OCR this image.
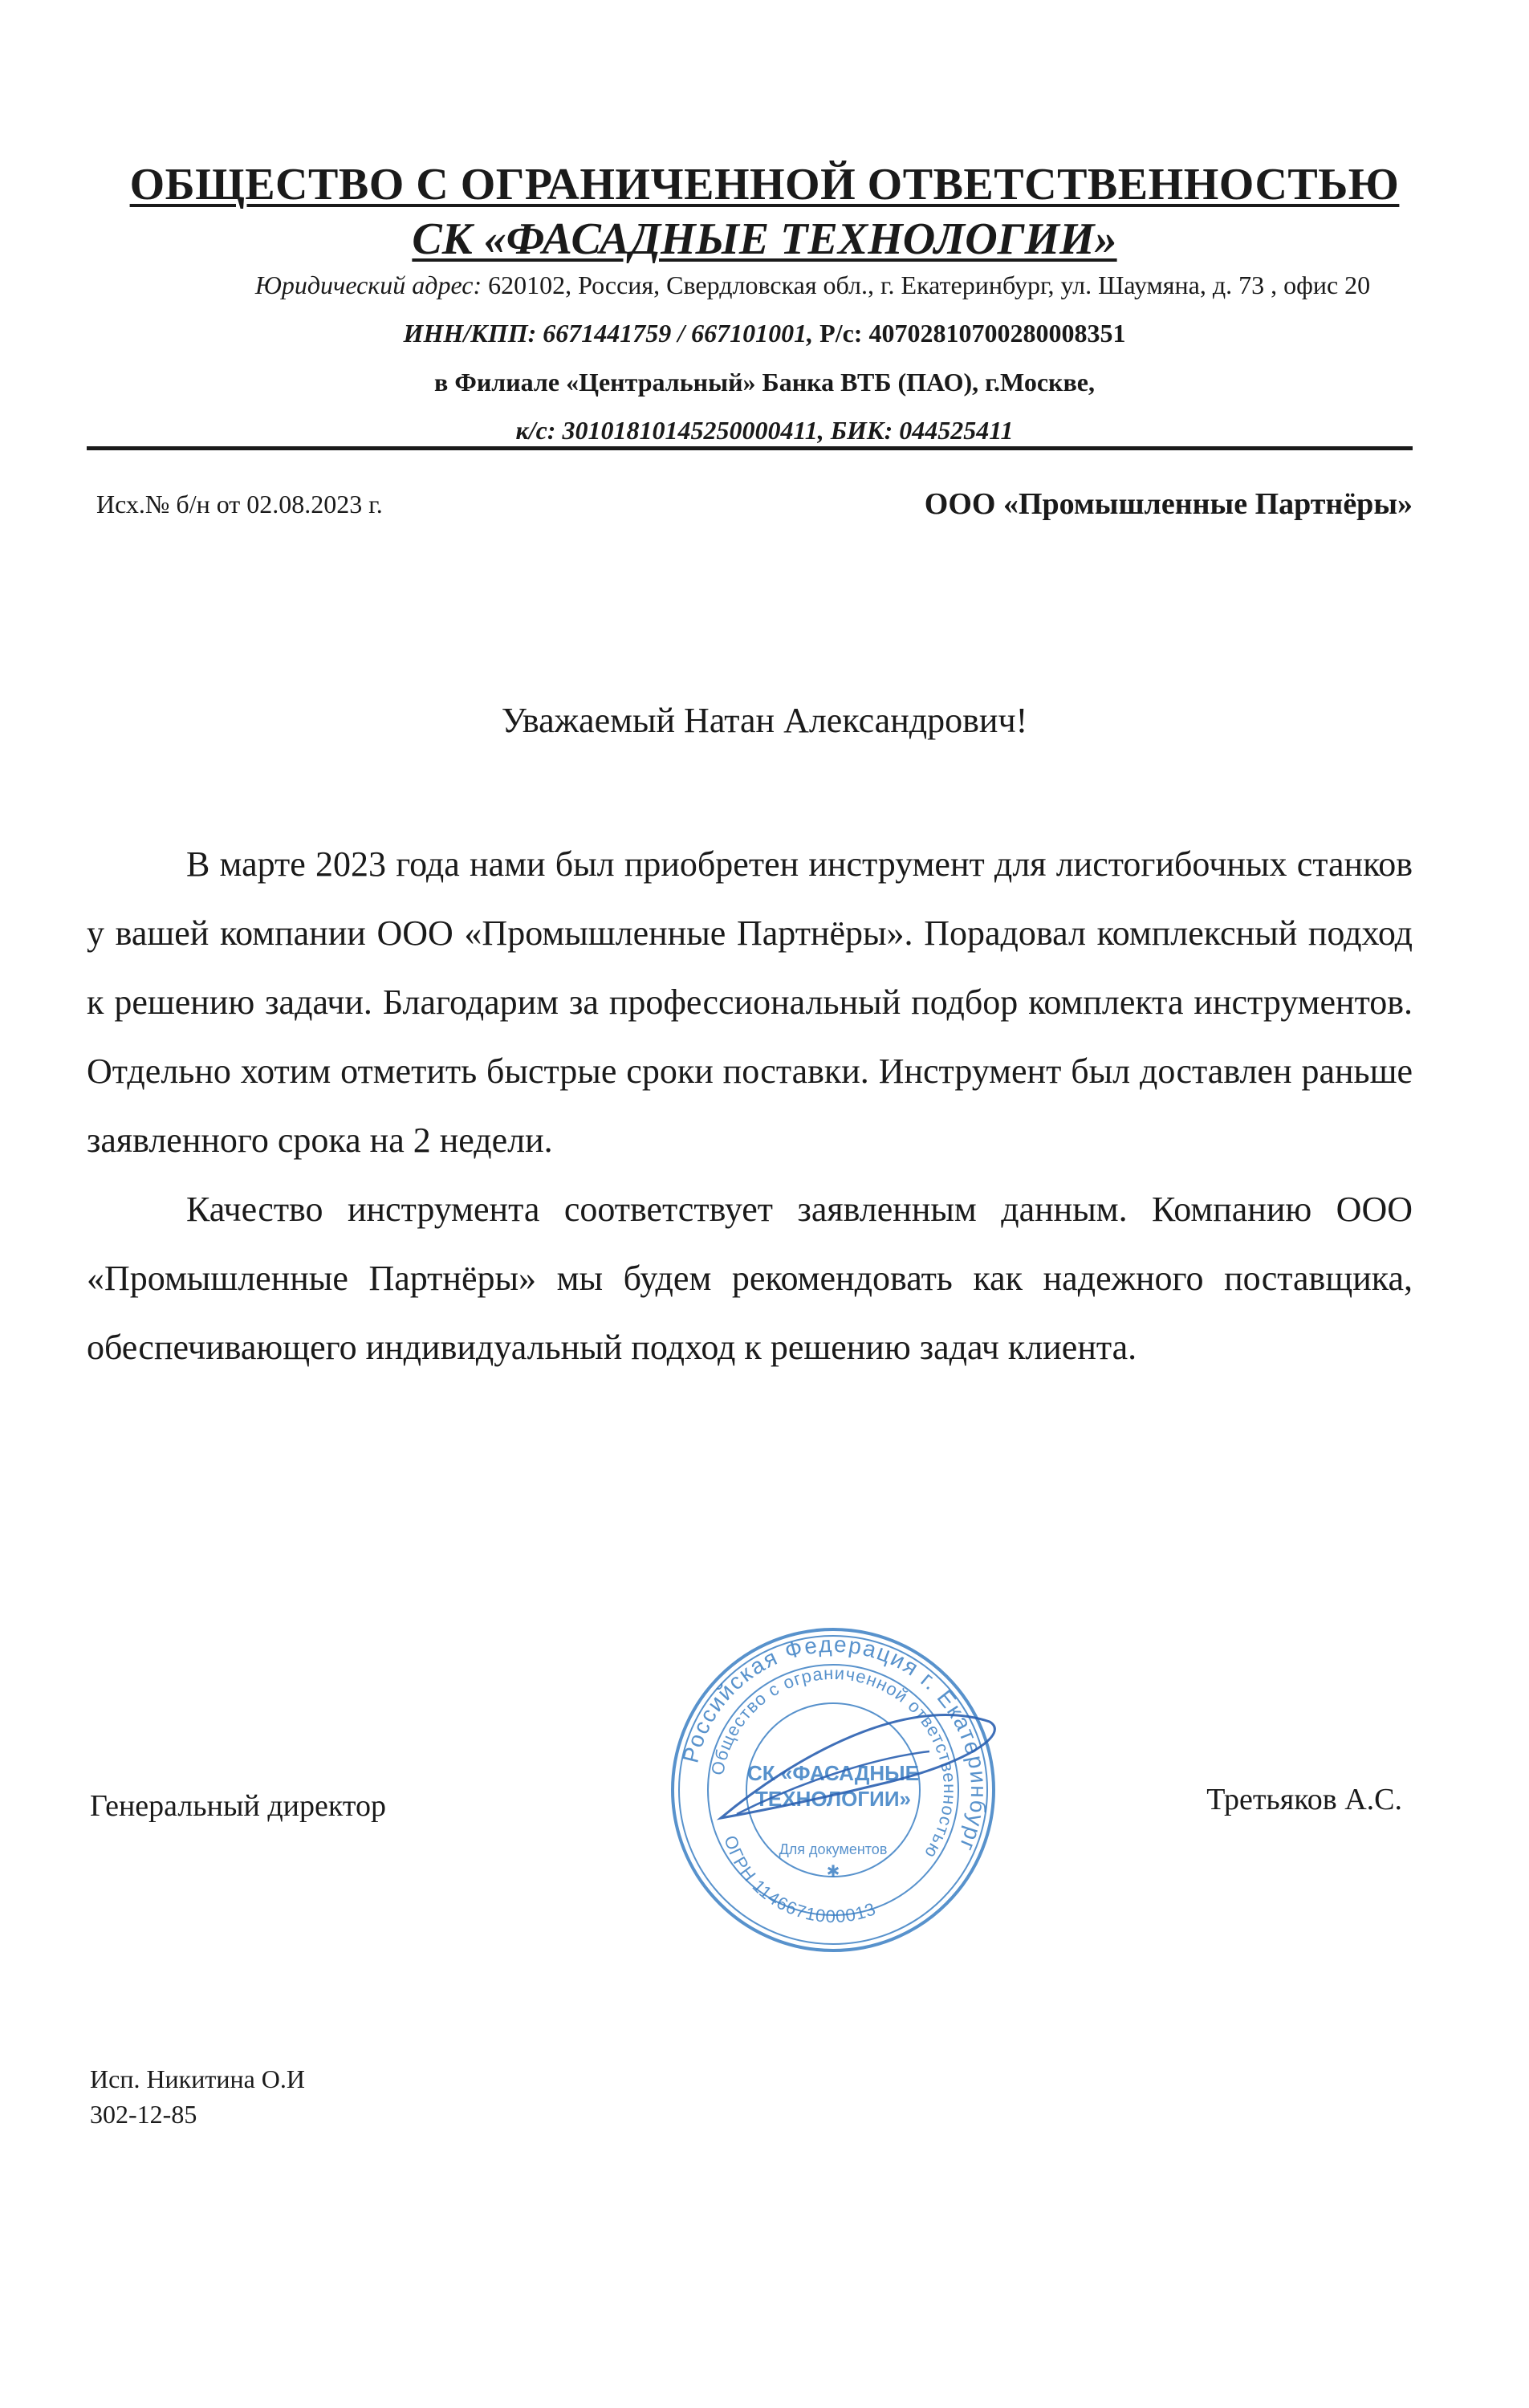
ОБЩЕСТВО С ОГРАНИЧЕННОЙ ОТВЕТСТВЕННОСТЬЮ
СК «ФАСАДНЫЕ ТЕХНОЛОГИИ»
Юридический адрес: 620102, Россия, Свердловская обл., г. Екатеринбург, ул. Шаумяна, д. 73 , офис 20
ИНН/КПП: 6671441759 / 667101001, Р/с: 40702810700280008351
в Филиале «Центральный» Банка ВТБ (ПАО), г.Москве,
к/с: 30101810145250000411, БИК: 044525411
Исх.№ б/н от 02.08.2023 г.	ООО «Промышленные Партнёры»
Уважаемый Натан Александрович!

В марте 2023 года нами был приобретен инструмент для листогибочных станков у вашей компании ООО «Промышленные Партнёры». Порадовал комплексный подход к решению задачи. Благодарим за профессиональный подбор комплекта инструментов. Отдельно хотим отметить быстрые сроки поставки. Инструмент был доставлен раньше заявленного срока на 2 недели.

Качество инструмента соответствует заявленным данным. Компанию ООО «Промышленные Партнёры» мы будем рекомендовать как надежного поставщика, обеспечивающего индивидуальный подход к решению задач клиента.

Генеральный директор
Российская Федерация г. Екатеринбург
Общество с ограниченной ответственностью
ОГРН 1146671000013
СК «ФАСАДНЫЕ
ТЕХНОЛОГИИ»
Для документов
✱
Третьяков А.С.
Исп. Никитина О.И
302-12-85
